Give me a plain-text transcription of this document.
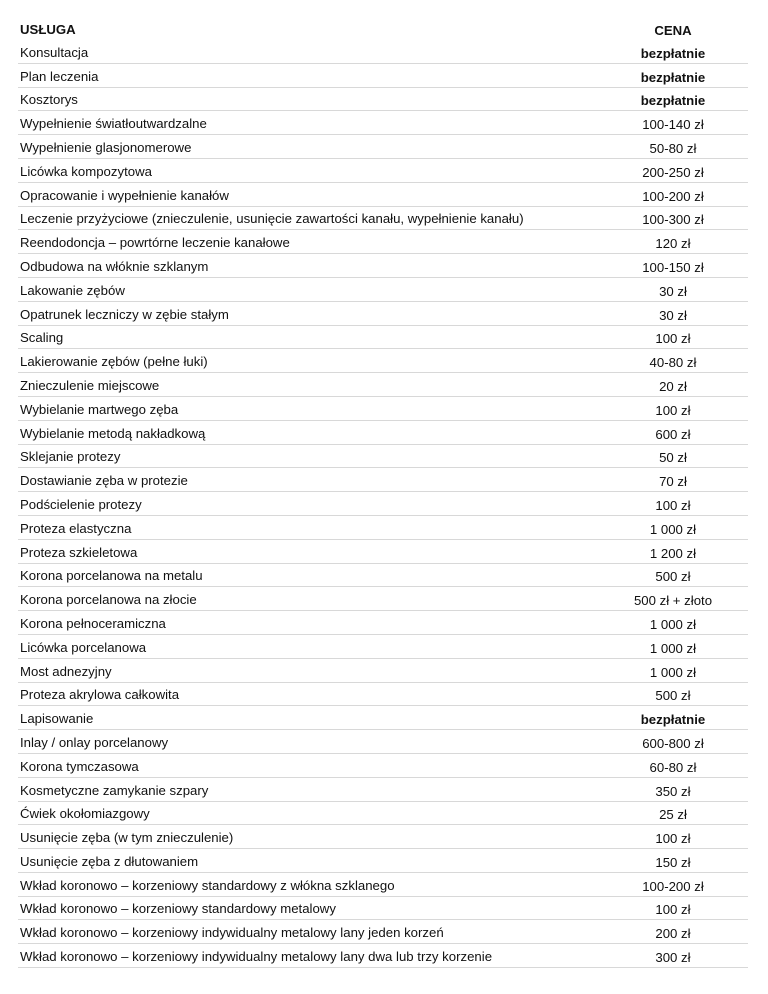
USŁUGA	CENA
Konsultacja	bezpłatnie
Plan leczenia	bezpłatnie
Kosztorys	bezpłatnie
Wypełnienie światłoutwardzalne	100-140 zł
Wypełnienie glasjonomerowe	50-80 zł
Licówka kompozytowa	200-250 zł
Opracowanie i wypełnienie kanałów	100-200 zł
Leczenie przyżyciowe (znieczulenie, usunięcie zawartości kanału, wypełnienie kanału)	100-300 zł
Reendodoncja – powrtórne leczenie kanałowe	120 zł
Odbudowa na włóknie szklanym	100-150 zł
Lakowanie zębów	30 zł
Opatrunek leczniczy w zębie stałym	30 zł
Scaling	100 zł
Lakierowanie zębów (pełne łuki)	40-80 zł
Znieczulenie miejscowe	20 zł
Wybielanie martwego zęba	100 zł
Wybielanie metodą nakładkową	600 zł
Sklejanie protezy	50 zł
Dostawianie zęba w protezie	70 zł
Podścielenie protezy	100 zł
Proteza elastyczna	1 000 zł
Proteza szkieletowa	1 200 zł
Korona porcelanowa na metalu	500 zł
Korona porcelanowa na złocie	500 zł + złoto
Korona pełnoceramiczna	1 000 zł
Licówka porcelanowa	1 000 zł
Most adnezyjny	1 000 zł
Proteza akrylowa całkowita	500 zł
Lapisowanie	bezpłatnie
Inlay / onlay porcelanowy	600-800 zł
Korona tymczasowa	60-80 zł
Kosmetyczne zamykanie szpary	350 zł
Ćwiek okołomiazgowy	25 zł
Usunięcie zęba (w tym znieczulenie)	100 zł
Usunięcie zęba z dłutowaniem	150 zł
Wkład koronowo – korzeniowy standardowy z włókna szklanego	100-200 zł
Wkład koronowo – korzeniowy standardowy metalowy	100 zł
Wkład koronowo – korzeniowy indywidualny metalowy lany jeden korzeń	200 zł
Wkład koronowo – korzeniowy indywidualny metalowy lany dwa lub trzy korzenie	300 zł
